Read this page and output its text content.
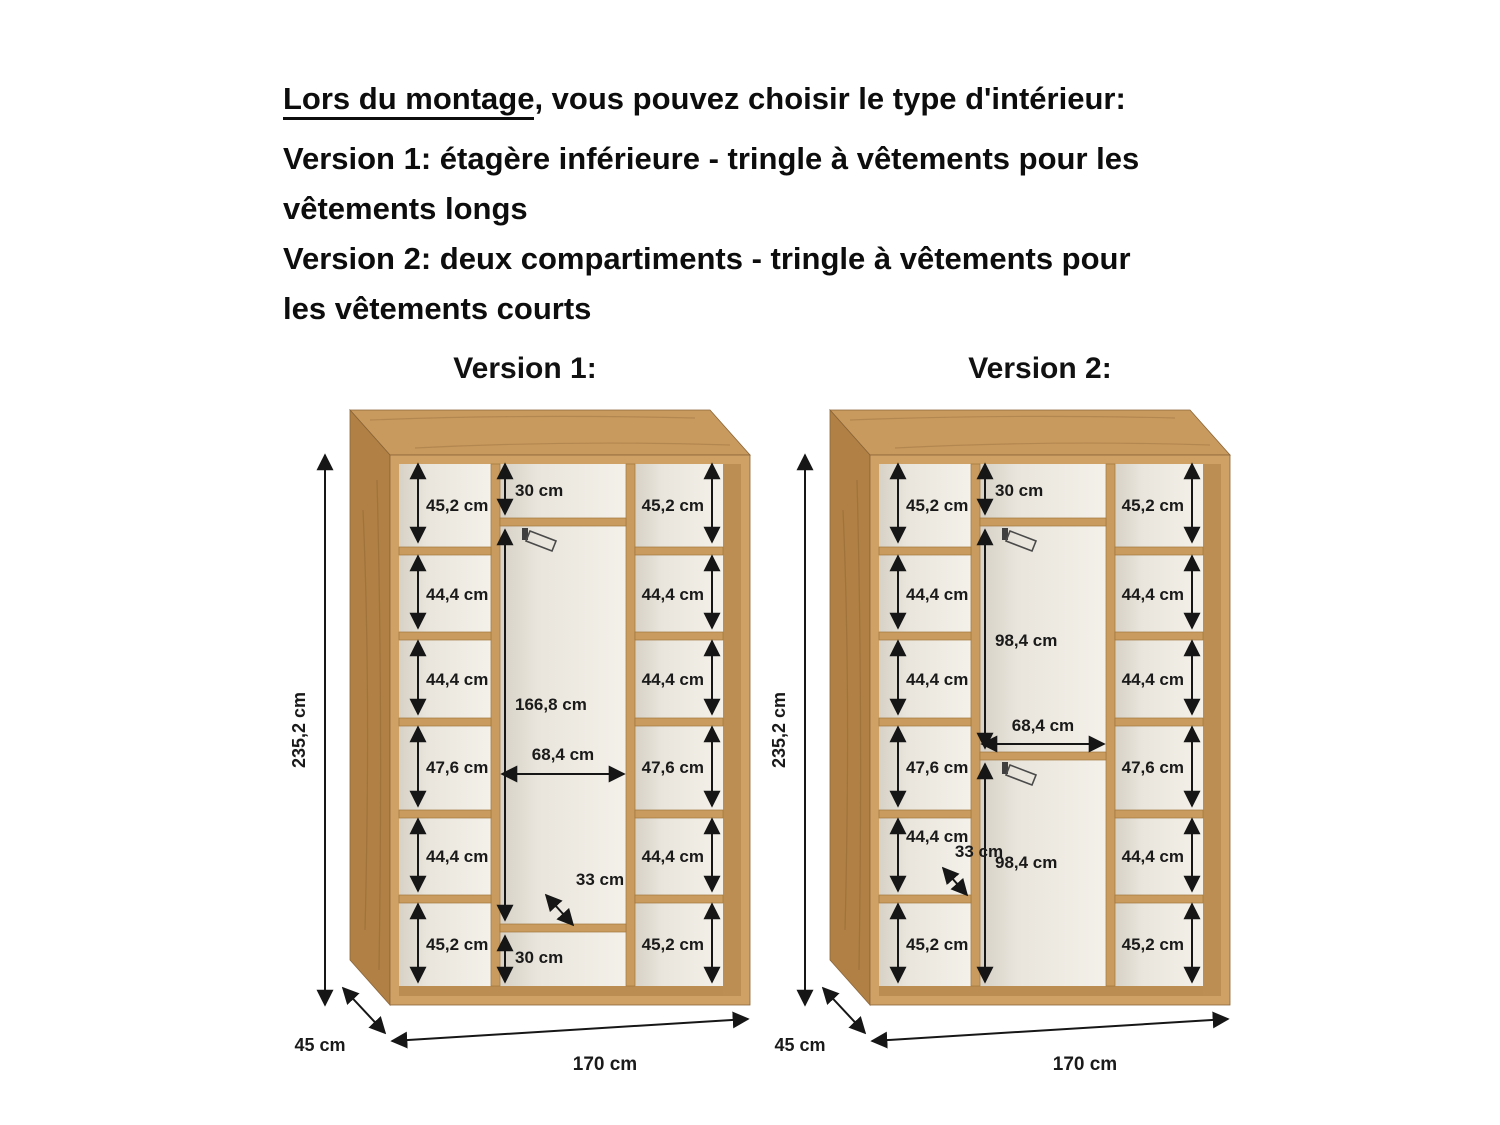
Lors du montage, vous pouvez choisir le type d'intérieur:
Version 1: étagère inférieure - tringle à vêtements pour les
vêtements longs
Version 2: deux compartiments - tringle à vêtements pour
les vêtements courts
Version 1:	Version 2:
45,2 cm
44,4 cm
44,4 cm
47,6 cm
44,4 cm
45,2 cm
45,2 cm
44,4 cm
44,4 cm
47,6 cm
44,4 cm
45,2 cm
30 cm
166,8 cm
30 cm
68,4 cm
33 cm
235,2 cm
45 cm
170 cm
45,2 cm
44,4 cm
44,4 cm
47,6 cm
44,4 cm
45,2 cm
45,2 cm
44,4 cm
44,4 cm
47,6 cm
44,4 cm
45,2 cm
30 cm
98,4 cm
98,4 cm
68,4 cm
33 cm
235,2 cm
45 cm
170 cm
